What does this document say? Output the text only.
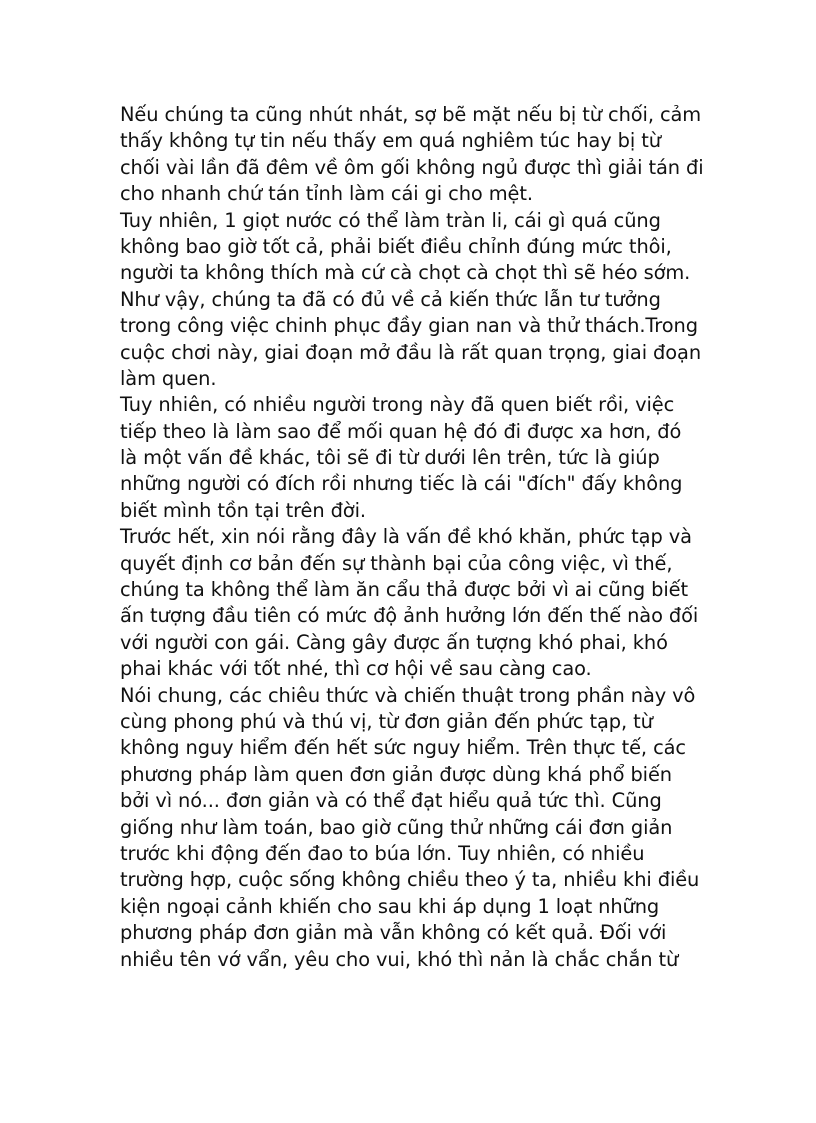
Nếu chúng ta cũng nhút nhát, sợ bẽ mặt nếu bị từ chối, cảm
thấy không tự tin nếu thấy em quá nghiêm túc hay bị từ
chối vài lần đã đêm về ôm gối không ngủ được thì giải tán đi
cho nhanh chứ tán tỉnh làm cái gi cho mệt.
Tuy nhiên, 1 giọt nước có thể làm tràn li, cái gì quá cũng
không bao giờ tốt cả, phải biết điều chỉnh đúng mức thôi,
người ta không thích mà cứ cà chọt cà chọt thì sẽ héo sớm.
Như vậy, chúng ta đã có đủ về cả kiến thức lẫn tư tưởng
trong công việc chinh phục đầy gian nan và thử thách.Trong
cuộc chơi này, giai đoạn mở đầu là rất quan trọng, giai đoạn
làm quen.
Tuy nhiên, có nhiều người trong này đã quen biết rồi, việc
tiếp theo là làm sao để mối quan hệ đó đi được xa hơn, đó
là một vấn đề khác, tôi sẽ đi từ dưới lên trên, tức là giúp
những người có đích rồi nhưng tiếc là cái "đích" đấy không
biết mình tồn tại trên đời.
Trước hết, xin nói rằng đây là vấn đề khó khăn, phức tạp và
quyết định cơ bản đến sự thành bại của công việc, vì thế,
chúng ta không thể làm ăn cẩu thả được bởi vì ai cũng biết
ấn tượng đầu tiên có mức độ ảnh hưởng lớn đến thế nào đối
với người con gái. Càng gây được ấn tượng khó phai, khó
phai khác với tốt nhé, thì cơ hội về sau càng cao.
Nói chung, các chiêu thức và chiến thuật trong phần này vô
cùng phong phú và thú vị, từ đơn giản đến phức tạp, từ
không nguy hiểm đến hết sức nguy hiểm. Trên thực tế, các
phương pháp làm quen đơn giản được dùng khá phổ biến
bởi vì nó... đơn giản và có thể đạt hiểu quả tức thì. Cũng
giống như làm toán, bao giờ cũng thử những cái đơn giản
trước khi động đến đao to búa lớn. Tuy nhiên, có nhiều
trường hợp, cuộc sống không chiều theo ý ta, nhiều khi điều
kiện ngoại cảnh khiến cho sau khi áp dụng 1 loạt những
phương pháp đơn giản mà vẫn không có kết quả. Đối với
nhiều tên vớ vẩn, yêu cho vui, khó thì nản là chắc chắn từ
